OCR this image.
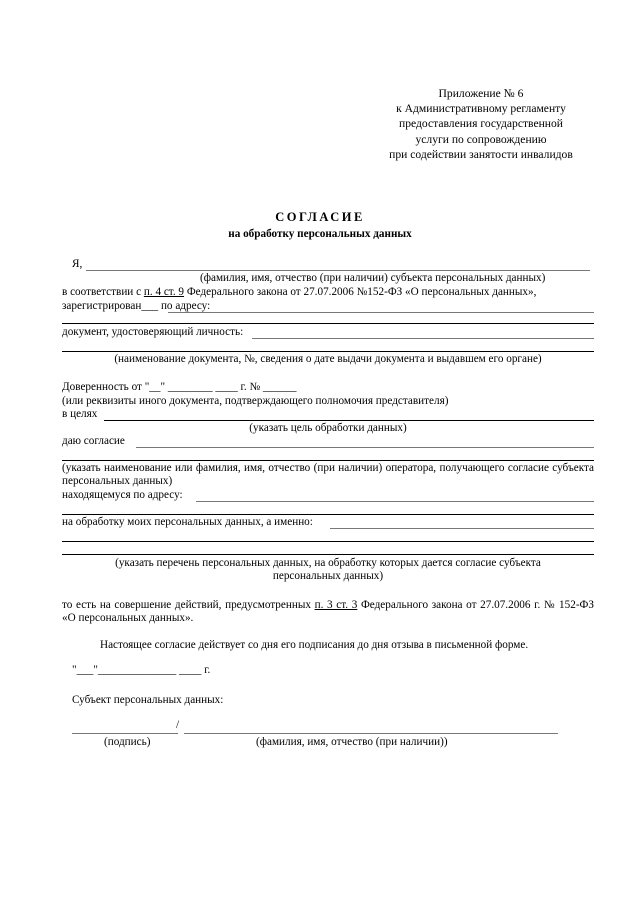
Приложение № 6
к Административному регламенту
предоставления государственной
услуги по сопровождению
при содействии занятости инвалидов
СОГЛАСИЕ
на обработку персональных данных
Я,
(фамилия, имя, отчество (при наличии) субъекта персональных данных)
в соответствии с п. 4 ст. 9 Федерального закона от 27.07.2006 №152-ФЗ «О персональных данных»,
зарегистрирован___ по адресу:
документ, удостоверяющий личность:
(наименование документа, №, сведения о дате выдачи документа и выдавшем его органе)
Доверенность от "__" ________ ____ г. № ______
(или реквизиты иного документа, подтверждающего полномочия представителя)
в целях
(указать цель обработки данных)
даю согласие
(указать наименование или фамилия, имя, отчество (при наличии) оператора, получающего согласие субъекта персональных данных)
находящемуся по адресу:
на обработку моих персональных данных, а именно:
(указать перечень персональных данных, на обработку которых дается согласие субъекта персональных данных)
то есть на совершение действий, предусмотренных п. 3 ст. 3 Федерального закона от 27.07.2006 г. № 152-ФЗ «О персональных данных».
Настоящее согласие действует со дня его подписания до дня отзыва в письменной форме.
"___"______________ ____ г.
Субъект персональных данных:
/
(подпись)	(фамилия, имя, отчество (при наличии))
